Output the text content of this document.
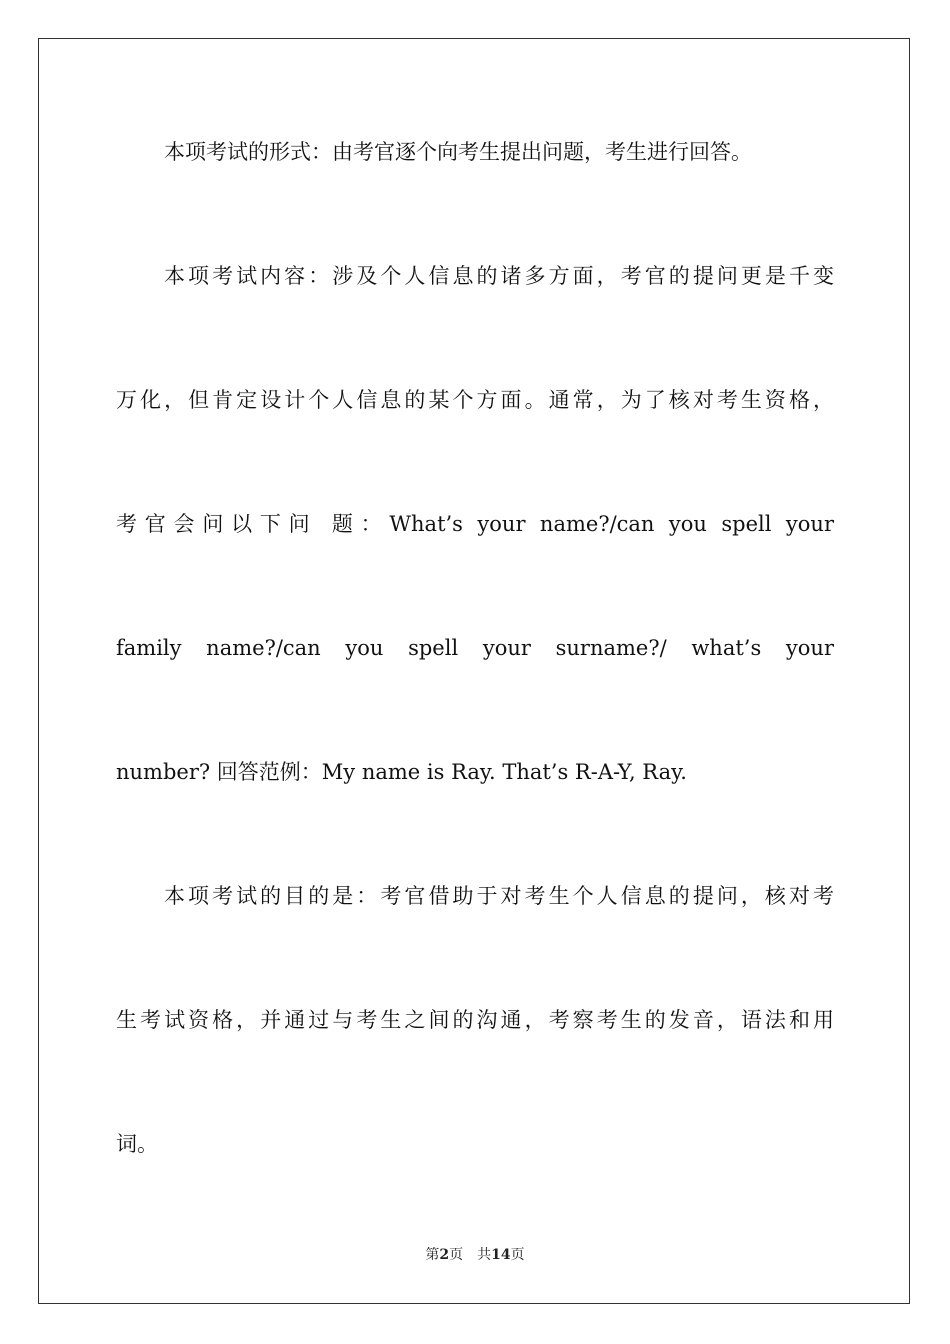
本项考试的形式：由考官逐个向考生提出问题，考生进行回答。
本项考试内容：涉及个人信息的诸多方面，考官的提问更是千变
万化，但肯定设计个人信息的某个方面。通常，为了核对考生资格，
考官会问以下问 题：What’s your name?/can you spell your
family name?/can you spell your surname?/ what’s your
number? 回答范例：My name is Ray. That’s R-A-Y, Ray.
本项考试的目的是：考官借助于对考生个人信息的提问，核对考
生考试资格，并通过与考生之间的沟通，考察考生的发音，语法和用
词。
第2页 共14页
